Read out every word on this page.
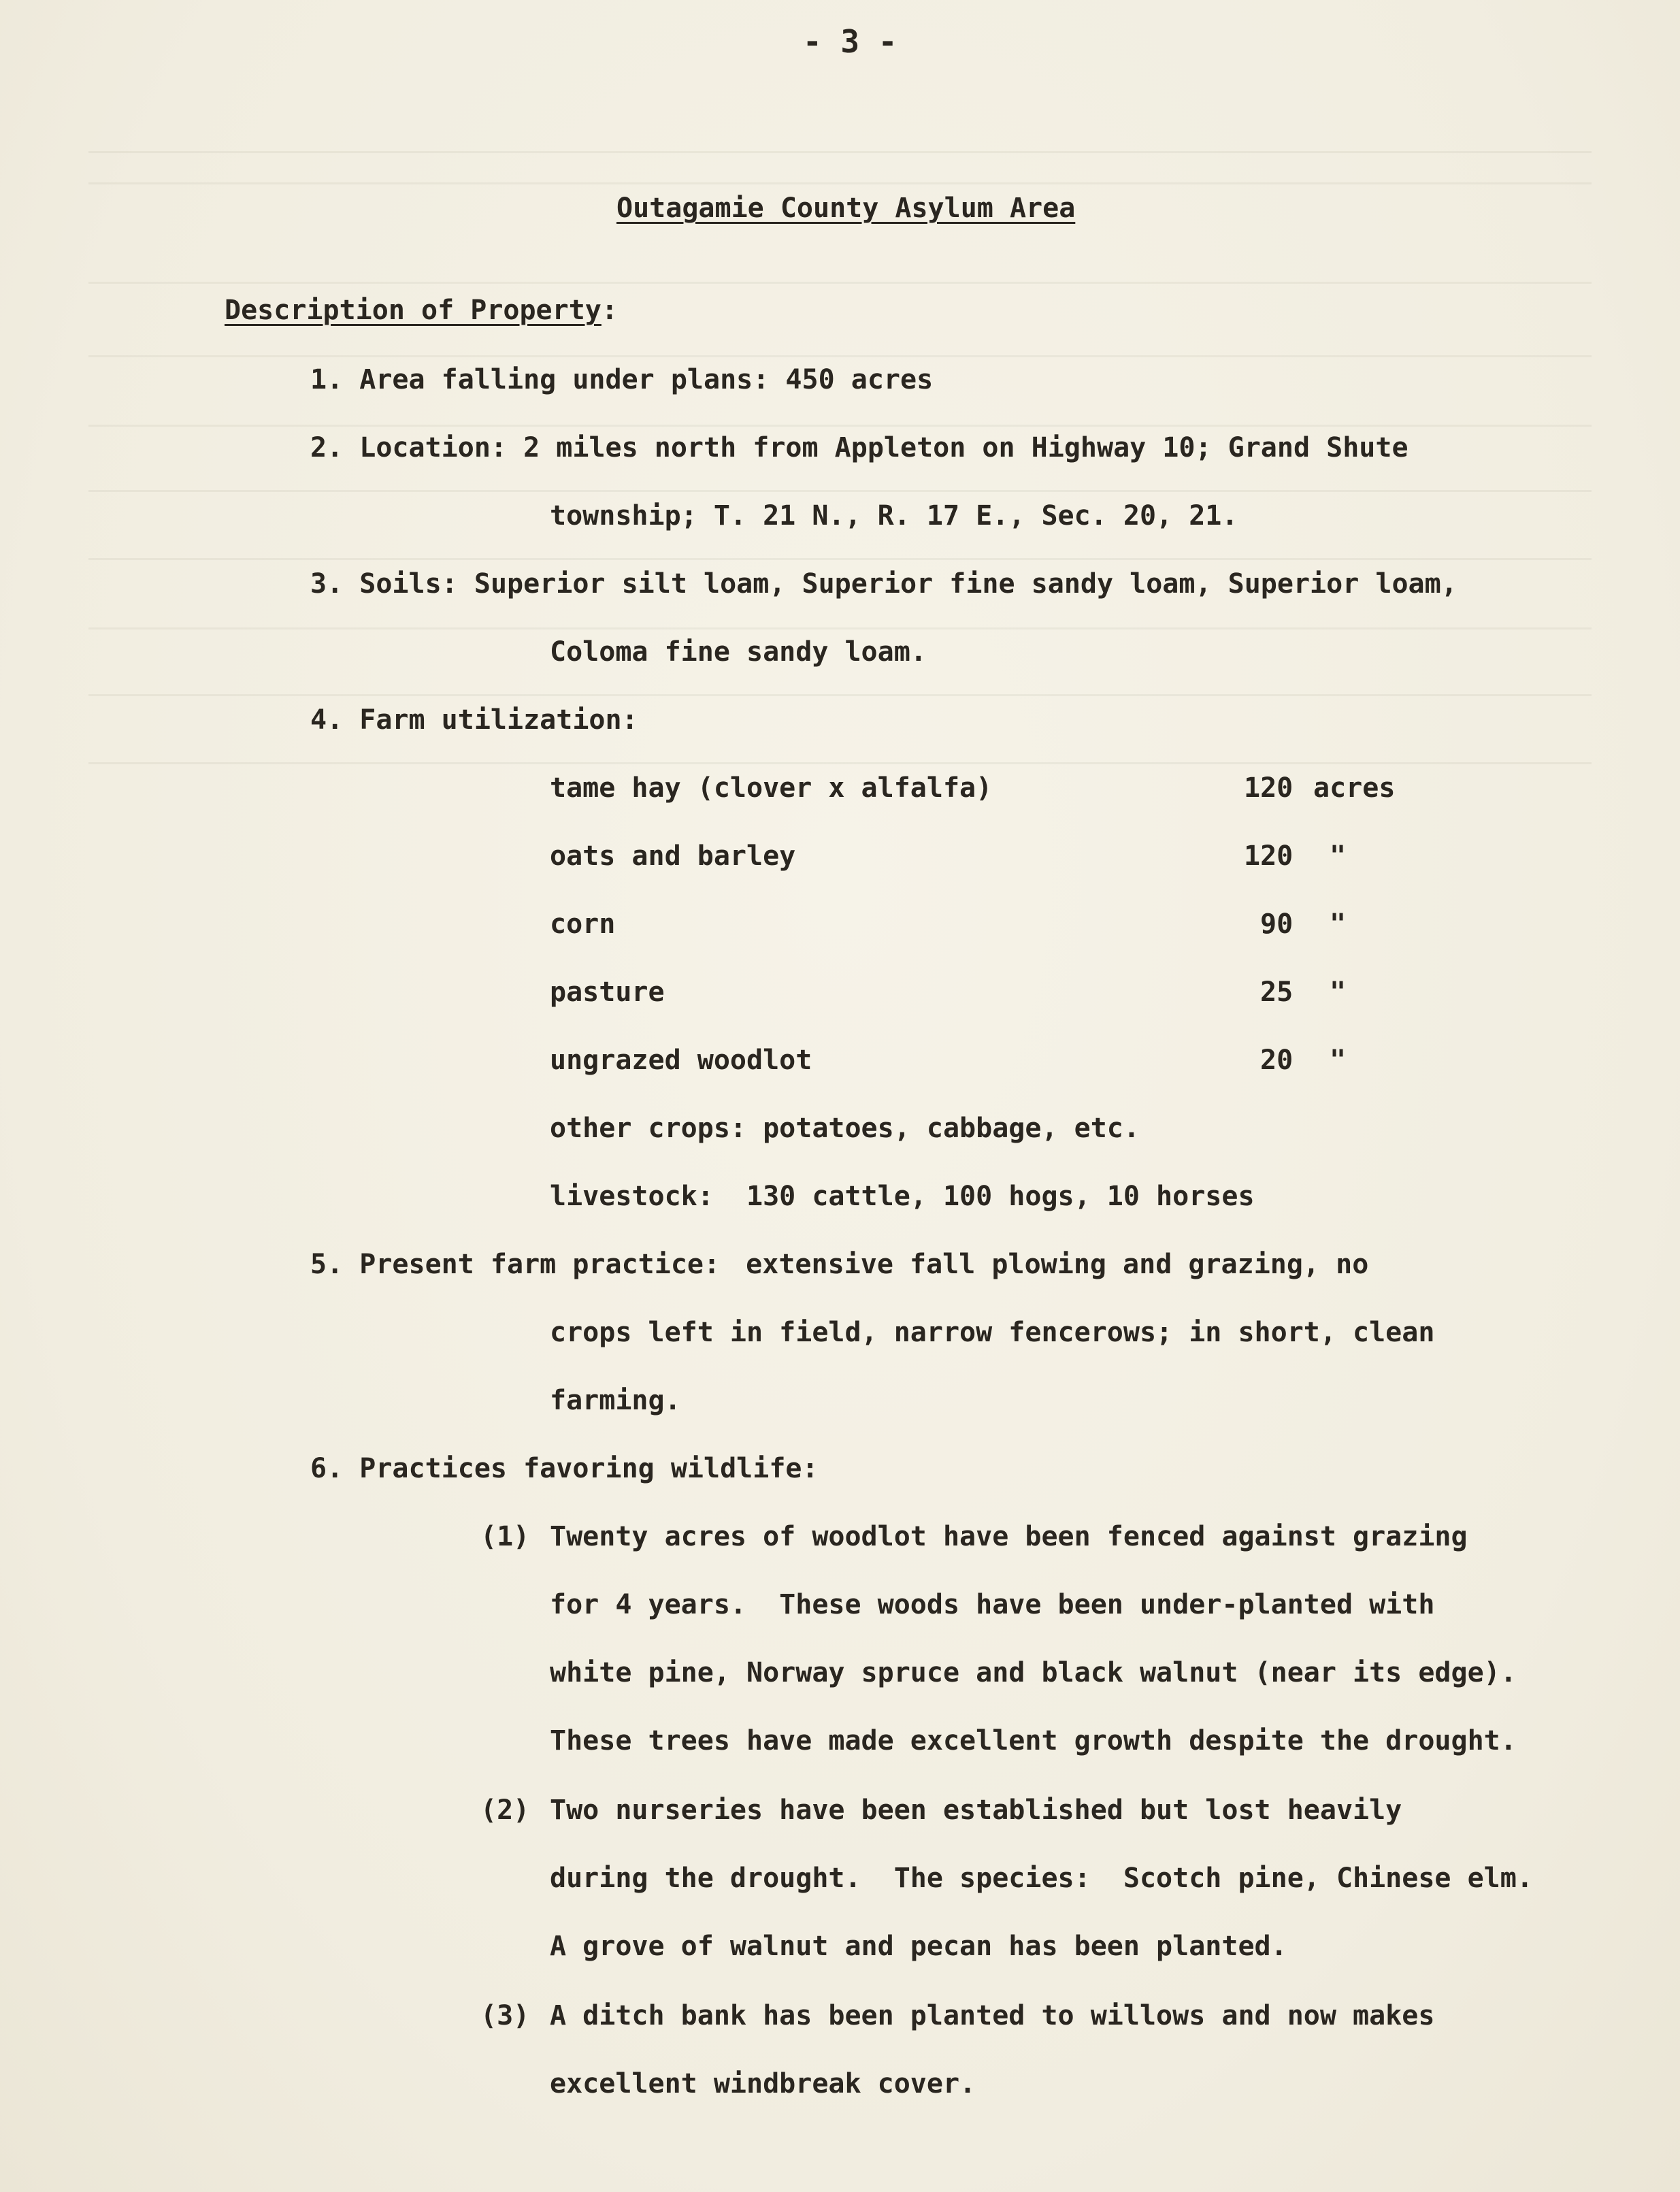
- 3 -
Outagamie County Asylum Area
Description of Property:
1. Area falling under plans: 450 acres
2. Location: 2 miles north from Appleton on Highway 10; Grand Shute
township; T. 21 N., R. 17 E., Sec. 20, 21.
3. Soils: Superior silt loam, Superior fine sandy loam, Superior loam,
Coloma fine sandy loam.
4. Farm utilization:
tame hay (clover x alfalfa)	120 acres
oats and barley	120 "
corn	90 "
pasture	25 "
ungrazed woodlot	20 "
other crops: potatoes, cabbage, etc.
livestock:  130 cattle, 100 hogs, 10 horses
5. Present farm practice: extensive fall plowing and grazing, no
crops left in field, narrow fencerows; in short, clean
farming.
6. Practices favoring wildlife:
(1) Twenty acres of woodlot have been fenced against grazing
for 4 years.  These woods have been under-planted with
white pine, Norway spruce and black walnut (near its edge).
These trees have made excellent growth despite the drought.
(2) Two nurseries have been established but lost heavily
during the drought.  The species:  Scotch pine, Chinese elm.
A grove of walnut and pecan has been planted.
(3) A ditch bank has been planted to willows and now makes
excellent windbreak cover.
